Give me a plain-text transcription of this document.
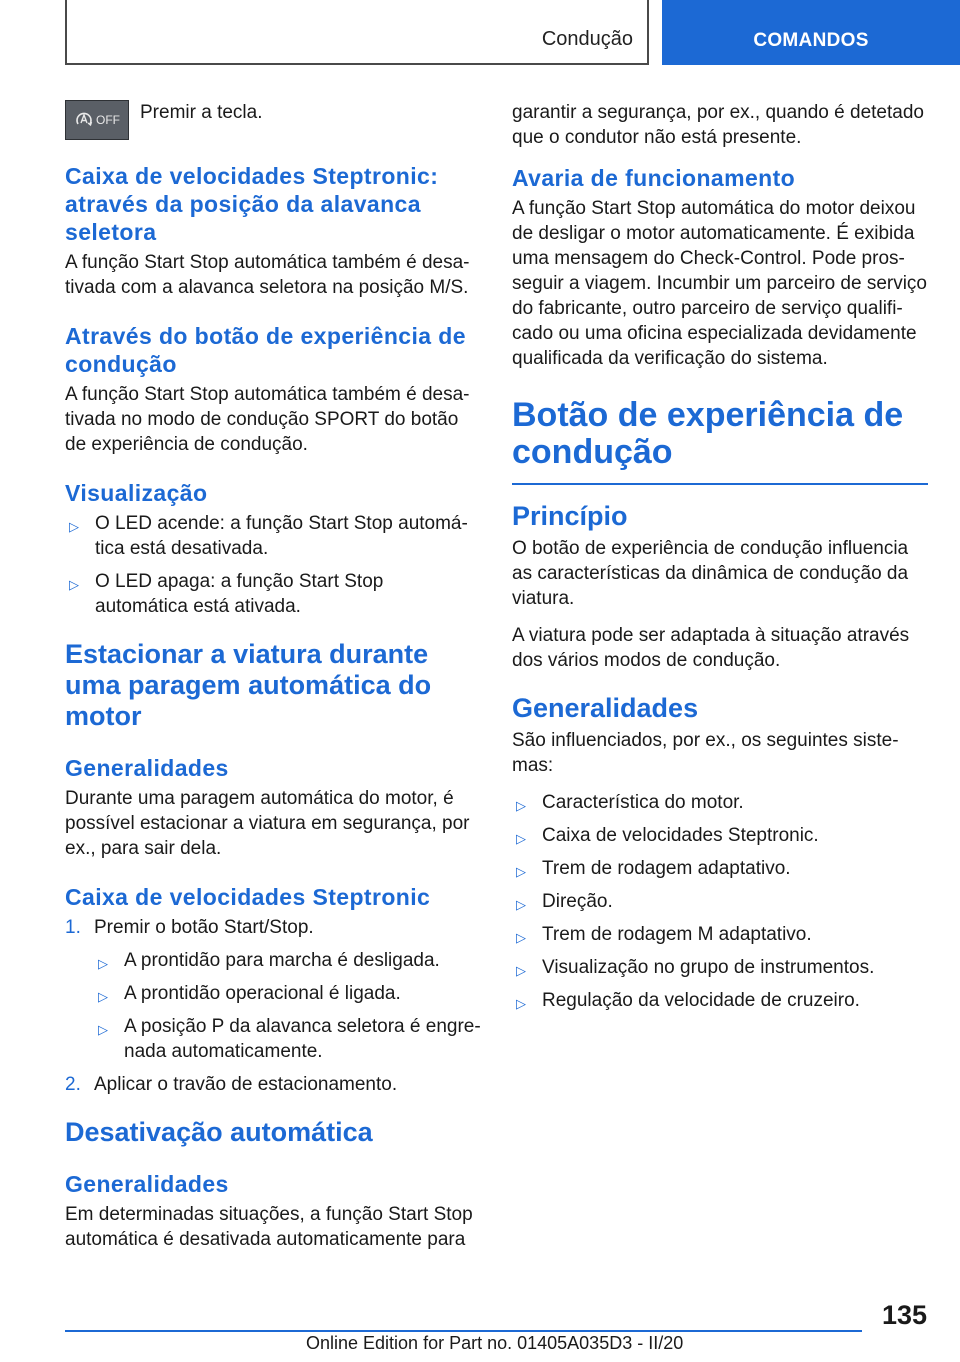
Condução	COMANDOS
OFF Premir a tecla.

Caixa de velocidades Steptronic: através da posição da alavanca seletora

A função Start Stop automática também é desa-tivada com a alavanca seletora na posição M/S.

Através do botão de experiência de condução

A função Start Stop automática também é desa-tivada no modo de condução SPORT do botão de experiência de condução.

Visualização
▷ O LED acende: a função Start Stop automá-tica está desativada.
▷ O LED apaga: a função Start Stop automática está ativada.
Estacionar a viatura durante uma paragem automática do motor
Generalidades

Durante uma paragem automática do motor, é possível estacionar a viatura em segurança, por ex., para sair dela.

Caixa de velocidades Steptronic
1. Premir o botão Start/Stop.
▷ A prontidão para marcha é desligada.
▷ A prontidão operacional é ligada.
▷ A posição P da alavanca seletora é engre-nada automaticamente.
2. Aplicar o travão de estacionamento.
Desativação automática
Generalidades

Em determinadas situações, a função Start Stop automática é desativada automaticamente para

garantir a segurança, por ex., quando é detetado que o condutor não está presente.

Avaria de funcionamento

A função Start Stop automática do motor deixou de desligar o motor automaticamente. É exibida uma mensagem do Check-Control. Pode pros-seguir a viagem. Incumbir um parceiro de serviço do fabricante, outro parceiro de serviço qualifi-cado ou uma oficina especializada devidamente qualificada da verificação do sistema.

Botão de experiência de condução
Princípio

O botão de experiência de condução influencia as características da dinâmica de condução da viatura.

A viatura pode ser adaptada à situação através dos vários modos de condução.

Generalidades

São influenciados, por ex., os seguintes siste-mas:

▷ Característica do motor.
▷ Caixa de velocidades Steptronic.
▷ Trem de rodagem adaptativo.
▷ Direção.
▷ Trem de rodagem M adaptativo.
▷ Visualização no grupo de instrumentos.
▷ Regulação da velocidade de cruzeiro.
135
Online Edition for Part no. 01405A035D3 - II/20
